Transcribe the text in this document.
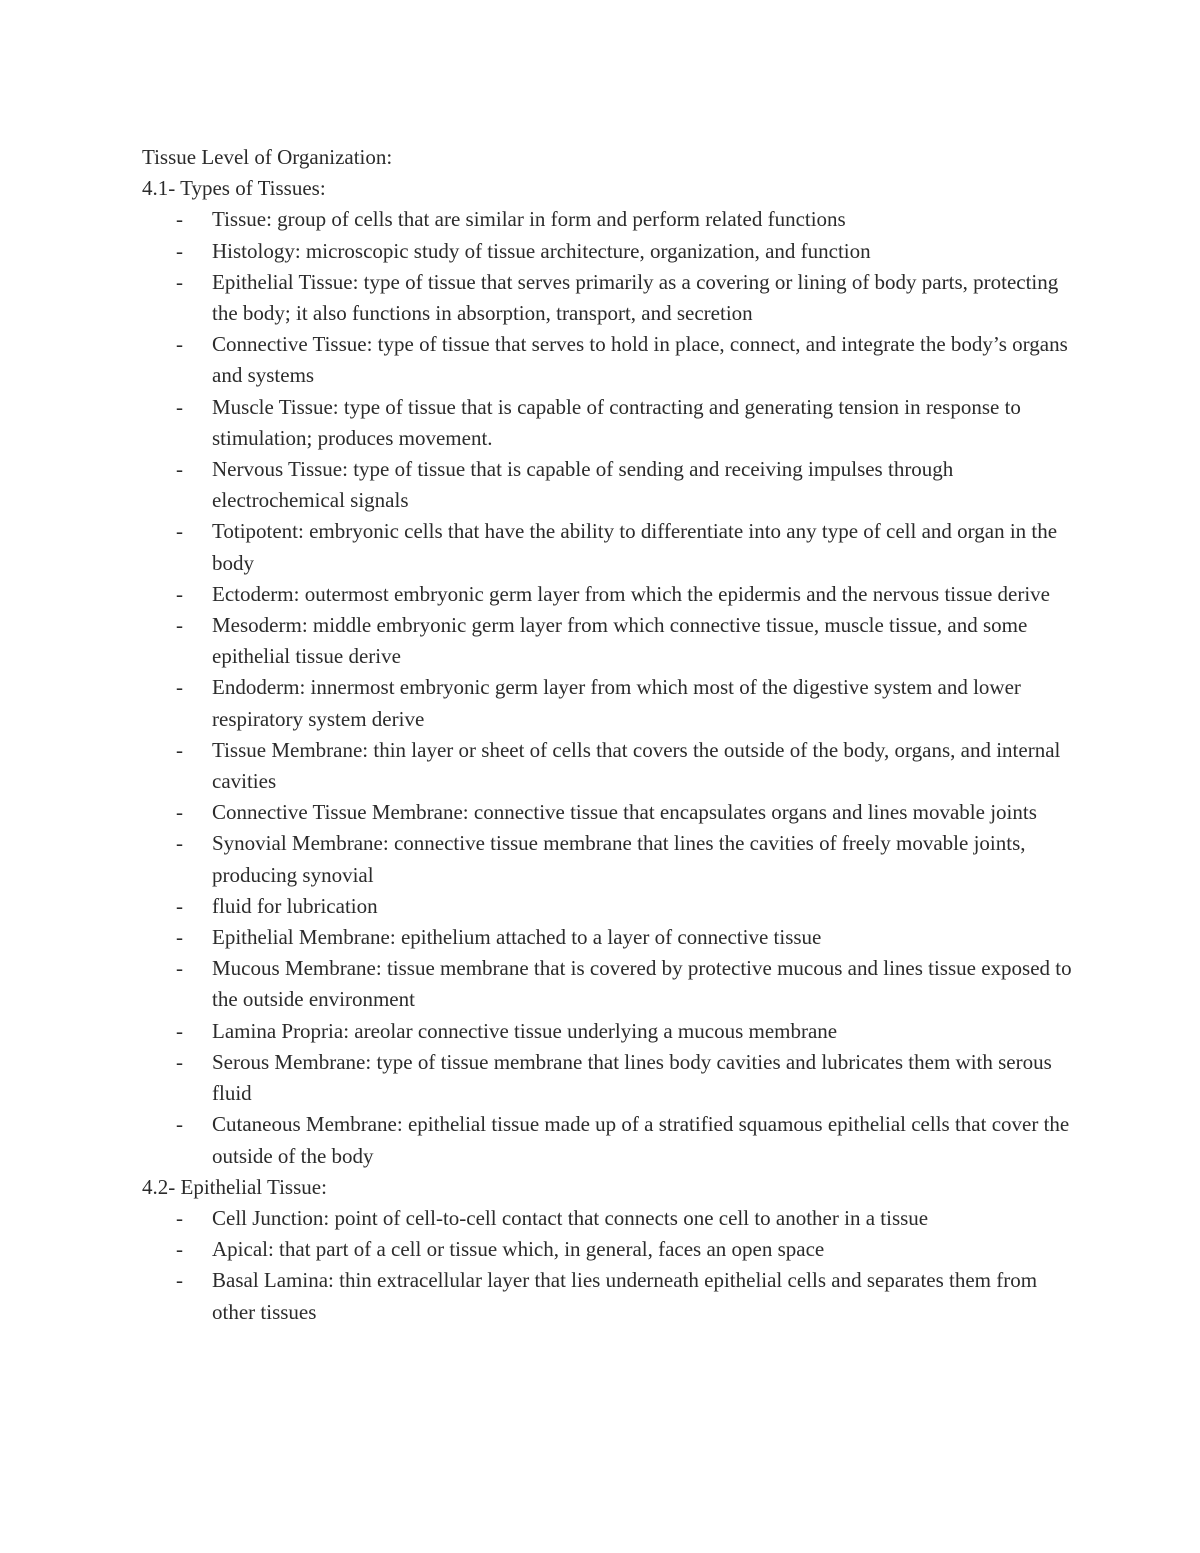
Tissue Level of Organization:

4.1- Types of Tissues:

- Tissue: group of cells that are similar in form and perform related functions
- Histology: microscopic study of tissue architecture, organization, and function
- Epithelial Tissue: type of tissue that serves primarily as a covering or lining of body parts, protecting the body; it also functions in absorption, transport, and secretion
- Connective Tissue: type of tissue that serves to hold in place, connect, and integrate the body’s organs and systems
- Muscle Tissue: type of tissue that is capable of contracting and generating tension in response to stimulation; produces movement.
- Nervous Tissue: type of tissue that is capable of sending and receiving impulses through electrochemical signals
- Totipotent: embryonic cells that have the ability to differentiate into any type of cell and organ in the body
- Ectoderm: outermost embryonic germ layer from which the epidermis and the nervous tissue derive
- Mesoderm: middle embryonic germ layer from which connective tissue, muscle tissue, and some epithelial tissue derive
- Endoderm: innermost embryonic germ layer from which most of the digestive system and lower respiratory system derive
- Tissue Membrane: thin layer or sheet of cells that covers the outside of the body, organs, and internal cavities
- Connective Tissue Membrane: connective tissue that encapsulates organs and lines movable joints
- Synovial Membrane: connective tissue membrane that lines the cavities of freely movable joints, producing synovial
- fluid for lubrication
- Epithelial Membrane: epithelium attached to a layer of connective tissue
- Mucous Membrane: tissue membrane that is covered by protective mucous and lines tissue exposed to the outside environment
- Lamina Propria: areolar connective tissue underlying a mucous membrane
- Serous Membrane: type of tissue membrane that lines body cavities and lubricates them with serous fluid
- Cutaneous Membrane: epithelial tissue made up of a stratified squamous epithelial cells that cover the outside of the body

4.2- Epithelial Tissue:

- Cell Junction: point of cell-to-cell contact that connects one cell to another in a tissue
- Apical: that part of a cell or tissue which, in general, faces an open space
- Basal Lamina: thin extracellular layer that lies underneath epithelial cells and separates them from other tissues
